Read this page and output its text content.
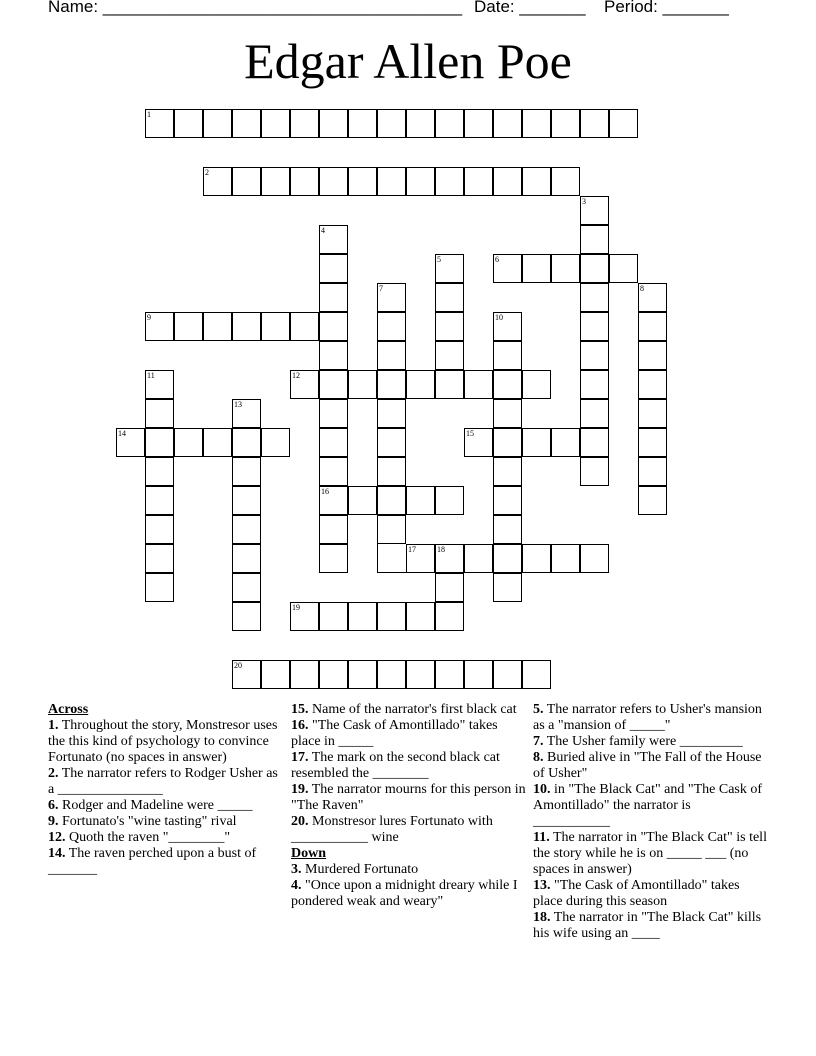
Name: ______________________________________ Date: _______ Period: _______
Edgar Allen Poe
1
2
3
4
16
5	6
7	8
9	10
11	12
13
14	15
17	18
19
20
Across
1. Throughout the story, Monstresor uses the this kind of psychology to convince Fortunato (no spaces in answer)
2. The narrator refers to Rodger Usher as a _______________
6. Rodger and Madeline were _____
9. Fortunato's "wine tasting" rival
12. Quoth the raven "________"
14. The raven perched upon a bust of _______
15. Name of the narrator's first black cat
16. "The Cask of Amontillado" takes place in _____
17. The mark on the second black cat resembled the ________
19. The narrator mourns for this person in "The Raven"
20. Monstresor lures Fortunato with ___________ wine
Down
3. Murdered Fortunato
4. "Once upon a midnight dreary while I pondered weak and weary"
5. The narrator refers to Usher's mansion as a "mansion of _____"
7. The Usher family were _________
8. Buried alive in "The Fall of the House of Usher"
10. in "The Black Cat" and "The Cask of Amontillado" the narrator is ___________
11. The narrator in "The Black Cat" is tell the story while he is on _____ ___ (no spaces in answer)
13. "The Cask of Amontillado" takes place during this season
18. The narrator in "The Black Cat" kills his wife using an ____
